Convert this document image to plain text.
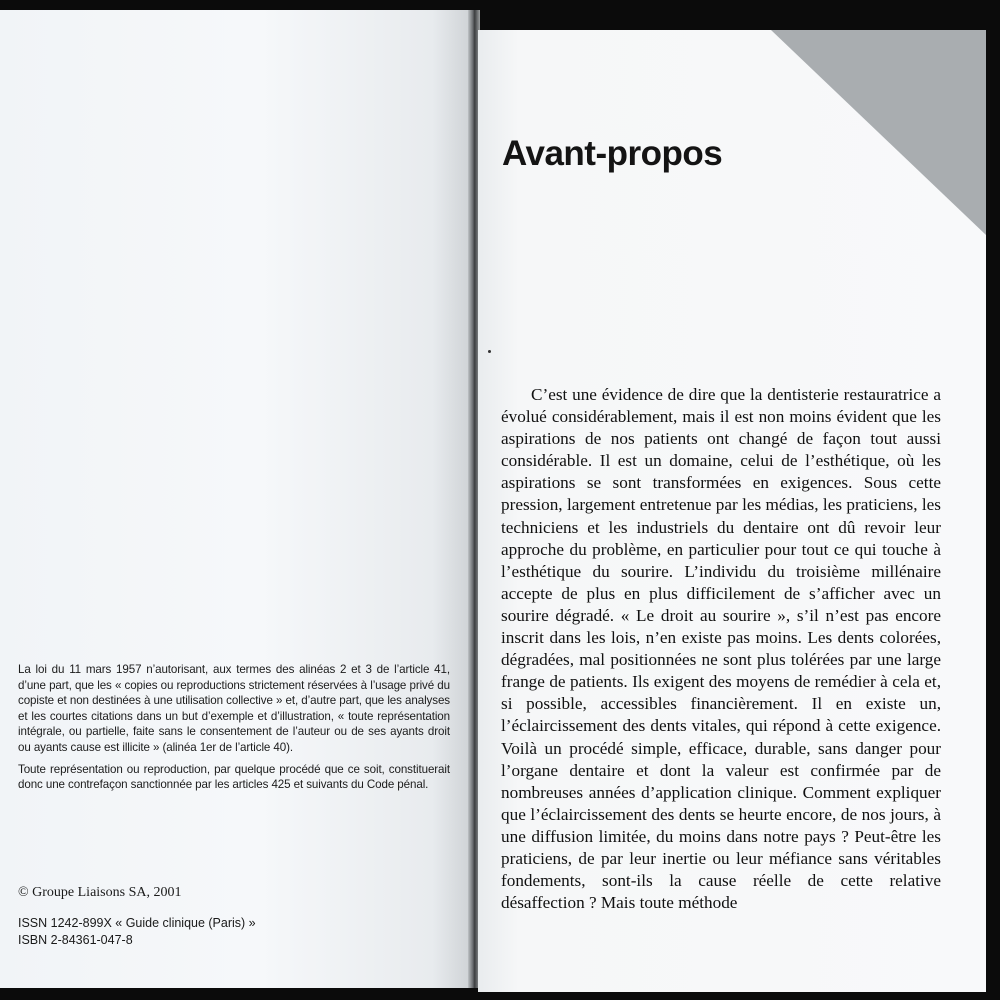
La loi du 11 mars 1957 n’autorisant, aux termes des alinéas 2 et 3 de l’article 41, d’une part, que les « copies ou reproductions strictement réservées à l’usage privé du copiste et non destinées à une utilisation collective » et, d’autre part, que les analyses et les courtes citations dans un but d’exemple et d’illustration, « toute représentation intégrale, ou partielle, faite sans le consentement de l’auteur ou de ses ayants droit ou ayants cause est illicite » (alinéa 1er de l’article 40).

Toute représentation ou reproduction, par quelque procédé que ce soit, constituerait donc une contrefaçon sanctionnée par les articles 425 et suivants du Code pénal.

© Groupe Liaisons SA, 2001
ISSN 1242-899X « Guide clinique (Paris) »
ISBN 2-84361-047-8
Avant-propos

C’est une évidence de dire que la dentisterie restauratrice a évolué considérablement, mais il est non moins évident que les aspirations de nos patients ont changé de façon tout aussi considérable. Il est un domaine, celui de l’esthétique, où les aspirations se sont transformées en exigences. Sous cette pression, largement entretenue par les médias, les praticiens, les techniciens et les industriels du dentaire ont dû revoir leur approche du problème, en particulier pour tout ce qui touche à l’esthétique du sourire. L’individu du troisième millénaire accepte de plus en plus difficilement de s’afficher avec un sourire dégradé. « Le droit au sourire », s’il n’est pas encore inscrit dans les lois, n’en existe pas moins. Les dents colorées, dégradées, mal positionnées ne sont plus tolérées par une large frange de patients. Ils exigent des moyens de remédier à cela et, si possible, accessibles financièrement. Il en existe un, l’éclaircissement des dents vitales, qui répond à cette exigence. Voilà un procédé simple, efficace, durable, sans danger pour l’organe dentaire et dont la valeur est confirmée par de nombreuses années d’application clinique. Comment expliquer que l’éclaircissement des dents se heurte encore, de nos jours, à une diffusion limitée, du moins dans notre pays ? Peut-être les praticiens, de par leur inertie ou leur méfiance sans véritables fondements, sont-ils la cause réelle de cette relative désaffection ? Mais toute méthode
